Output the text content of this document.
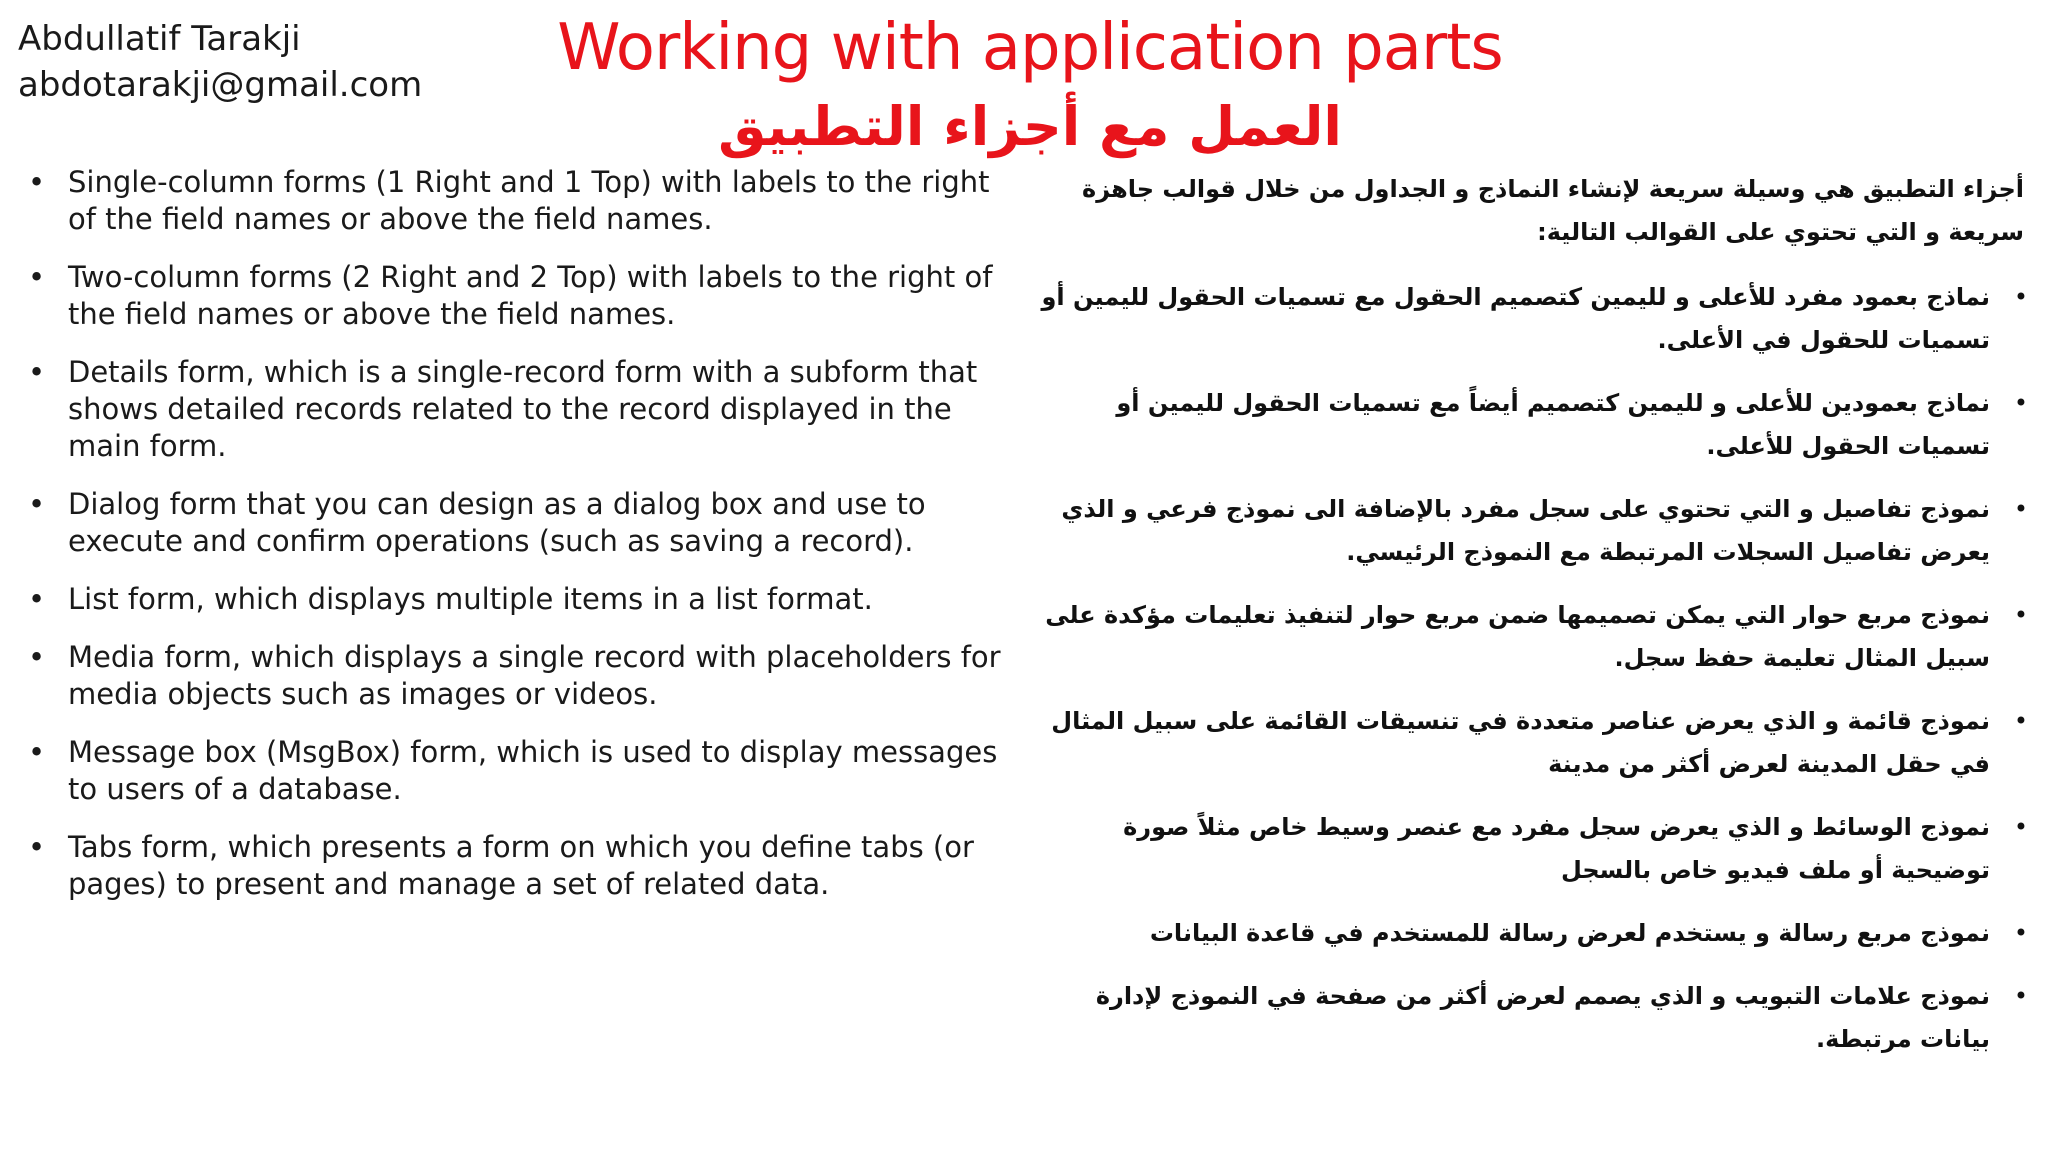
Abdullatif Tarakji
abdotarakji@gmail.com Working with application parts
العمل مع أجزاء التطبيق
• Single-column forms (1 Right and 1 Top) with labels to the right of the field names or above the field names.
• Two-column forms (2 Right and 2 Top) with labels to the right of the field names or above the field names.
• Details form, which is a single-record form with a subform that shows detailed records related to the record displayed in the main form.
• Dialog form that you can design as a dialog box and use to execute and confirm operations (such as saving a record).
• List form, which displays multiple items in a list format.
• Media form, which displays a single record with placeholders for media objects such as images or videos.
• Message box (MsgBox) form, which is used to display messages to users of a database.
• Tabs form, which presents a form on which you define tabs (or pages) to present and manage a set of related data.
أجزاء التطبيق هي وسيلة سريعة لإنشاء النماذج و الجداول من خلال قوالب جاهزة سريعة و التي تحتوي على القوالب التالية:
•
نماذج بعمود مفرد للأعلى و لليمين كتصميم الحقول مع تسميات الحقول لليمين أو تسميات للحقول في الأعلى.
•
نماذج بعمودين للأعلى و لليمين كتصميم أيضاً مع تسميات الحقول لليمين أو تسميات الحقول للأعلى.
•
نموذج تفاصيل و التي تحتوي على سجل مفرد بالإضافة الى نموذج فرعي و الذي يعرض تفاصيل السجلات المرتبطة مع النموذج الرئيسي.
•
نموذج مربع حوار التي يمكن تصميمها ضمن مربع حوار لتنفيذ تعليمات مؤكدة على سبيل المثال تعليمة حفظ سجل.
•
نموذج قائمة و الذي يعرض عناصر متعددة في تنسيقات القائمة على سبيل المثال في حقل المدينة لعرض أكثر من مدينة
•
نموذج الوسائط و الذي يعرض سجل مفرد مع عنصر وسيط خاص مثلاً صورة توضيحية أو ملف فيديو خاص بالسجل
•
نموذج مربع رسالة و يستخدم لعرض رسالة للمستخدم في قاعدة البيانات
•
نموذج علامات التبويب و الذي يصمم لعرض أكثر من صفحة في النموذج لإدارة بيانات مرتبطة.
